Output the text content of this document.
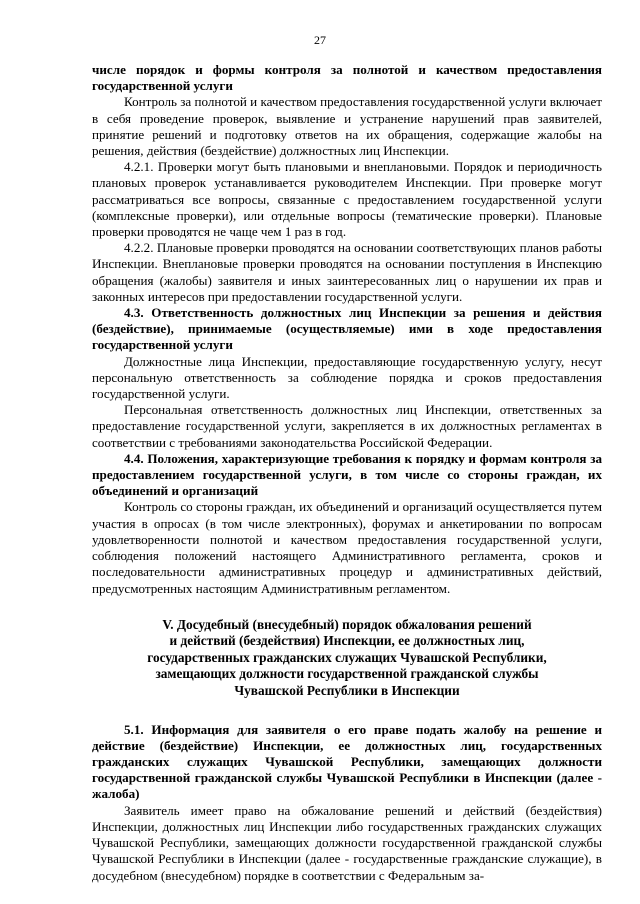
27

числе порядок и формы контроля за полнотой и качеством предоставления государственной услуги

Контроль за полнотой и качеством предоставления государственной услуги включает в себя проведение проверок, выявление и устранение нарушений прав заявителей, принятие решений и подготовку ответов на их обращения, содержащие жалобы на решения, действия (бездействие) должностных лиц Инспекции.

4.2.1. Проверки могут быть плановыми и внеплановыми. Порядок и периодичность плановых проверок устанавливается руководителем Инспекции. При проверке могут рассматриваться все вопросы, связанные с предоставлением государственной услуги (комплексные проверки), или отдельные вопросы (тематические проверки). Плановые проверки проводятся не чаще чем 1 раз в год.

4.2.2. Плановые проверки проводятся на основании соответствующих планов работы Инспекции. Внеплановые проверки проводятся на основании поступления в Инспекцию обращения (жалобы) заявителя и иных заинтересованных лиц о нарушении их прав и законных интересов при предоставлении государственной услуги.

4.3. Ответственность должностных лиц Инспекции за решения и действия (бездействие), принимаемые (осуществляемые) ими в ходе предоставления государственной услуги

Должностные лица Инспекции, предоставляющие государственную услугу, несут персональную ответственность за соблюдение порядка и сроков предоставления государственной услуги.

Персональная ответственность должностных лиц Инспекции, ответственных за предоставление государственной услуги, закрепляется в их должностных регламентах в соответствии с требованиями законодательства Российской Федерации.

4.4. Положения, характеризующие требования к порядку и формам контроля за предоставлением государственной услуги, в том числе со стороны граждан, их объединений и организаций

Контроль со стороны граждан, их объединений и организаций осуществляется путем участия в опросах (в том числе электронных), форумах и анкетировании по вопросам удовлетворенности полнотой и качеством предоставления государственной услуги, соблюдения положений настоящего Административного регламента, сроков и последовательности административных процедур и административных действий, предусмотренных настоящим Административным регламентом.

V. Досудебный (внесудебный) порядок обжалования решений
и действий (бездействия) Инспекции, ее должностных лиц,
государственных гражданских служащих Чувашской Республики,
замещающих должности государственной гражданской службы
Чувашской Республики в Инспекции

5.1. Информация для заявителя о его праве подать жалобу на решение и действие (бездействие) Инспекции, ее должностных лиц, государственных гражданских служащих Чувашской Республики, замещающих должности государственной гражданской службы Чувашской Республики в Инспекции (далее - жалоба)

Заявитель имеет право на обжалование решений и действий (бездействия) Инспекции, должностных лиц Инспекции либо государственных гражданских служащих Чувашской Республики, замещающих должности государственной гражданской службы Чувашской Республики в Инспекции (далее - государственные гражданские служащие), в досудебном (внесудебном) порядке в соответствии с Федеральным за-
